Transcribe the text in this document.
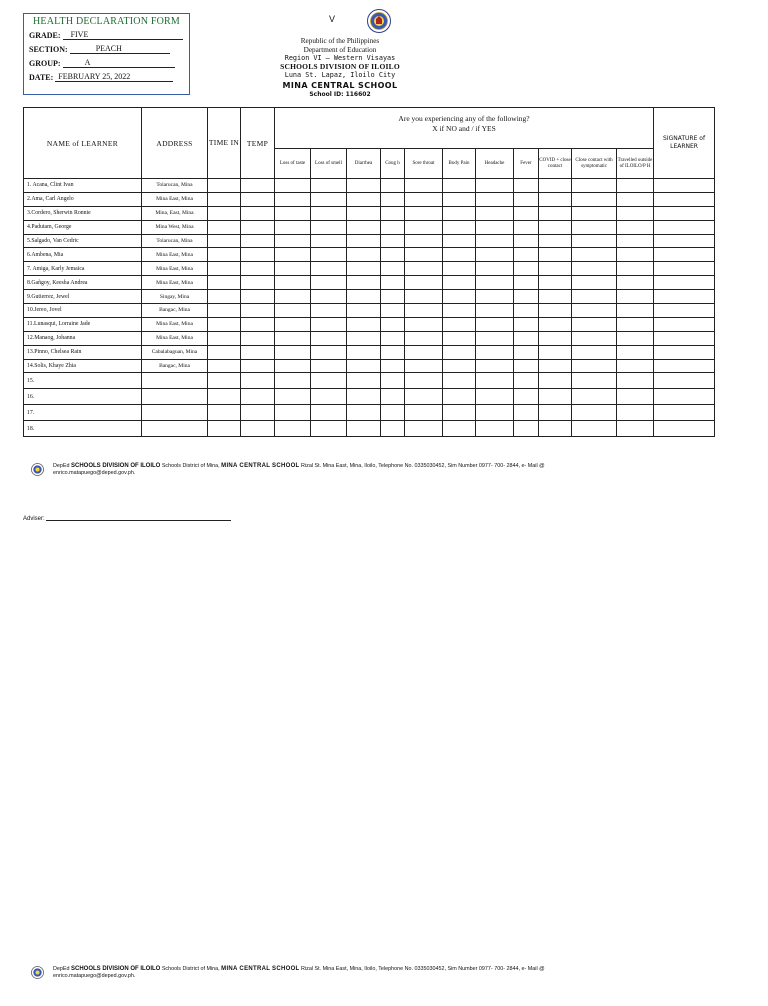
HEALTH DECLARATION FORM
GRADE: FIVE
SECTION:	PEACH
GROUP:	A
DATE: FEBRUARY 25, 2022
V
Republic of the Philippines
Department of Education
Region VI – Western Visayas
SCHOOLS DIVISION OF ILOILO
Luna St. Lapaz, Iloilo City
MINA CENTRAL SCHOOL
School ID: 116602
NAME of LEARNER	ADDRESS	TIME IN	TEMP	Are you experiencing any of the following?
X if NO and / if YES											SIGNATURE of LEARNER
				Loss of taste	Loss of smell	Diarrhea	Coug h	Sore throat	Body Pain	Headache	Fever	COVID + close contact	Close contact with symptomatic	Travelled outside of ILOILO/P H	
1. Acana, Clint Ivan	Tolarucan, Mina														
2.Ama, Carl Angelo	Mina East, Mina														
3.Cordero, Sherwin Ronnie	Mina, East, Mina														
4.Padutam, George	Mina West, Mina														
5.Salgado, Van Cedric	Tolarucan, Mina														
6.Ambena, Mia	Mina East, Mina														
7. Amiga, Karly Jemaica	Mina East, Mina														
8.Gañgoy, Keesha Andrea	Mina East, Mina														
9.Gutierrez, Jewel	Singay, Mina														
10.Jereo, Jovel	Bangac, Mina														
11.Lunasqui, Lorraine Jade	Mina East, Mina														
12.Manaog, Johanna	Mina East, Mina														
13.Pinno, Chelsea Rain	Cabalabaguan, Mina														
14.Solis, Khaye Zhia	Bangac, Mina														
15.															
16.															
17.															
18.															
DepEd SCHOOLS DIVISION OF ILOILO Schools District of Mina, MINA CENTRAL SCHOOL Rizal St. Mina East, Mina, Iloilo, Telephone No. 0335030452, Sim Number 0977- 700- 2844, e- Mail @
enrico.matapuego@deped.gov.ph.
Adviser:
DepEd SCHOOLS DIVISION OF ILOILO Schools District of Mina, MINA CENTRAL SCHOOL Rizal St. Mina East, Mina, Iloilo, Telephone No. 0335030452, Sim Number 0977- 700- 2844, e- Mail @
enrico.matapuego@deped.gov.ph.
